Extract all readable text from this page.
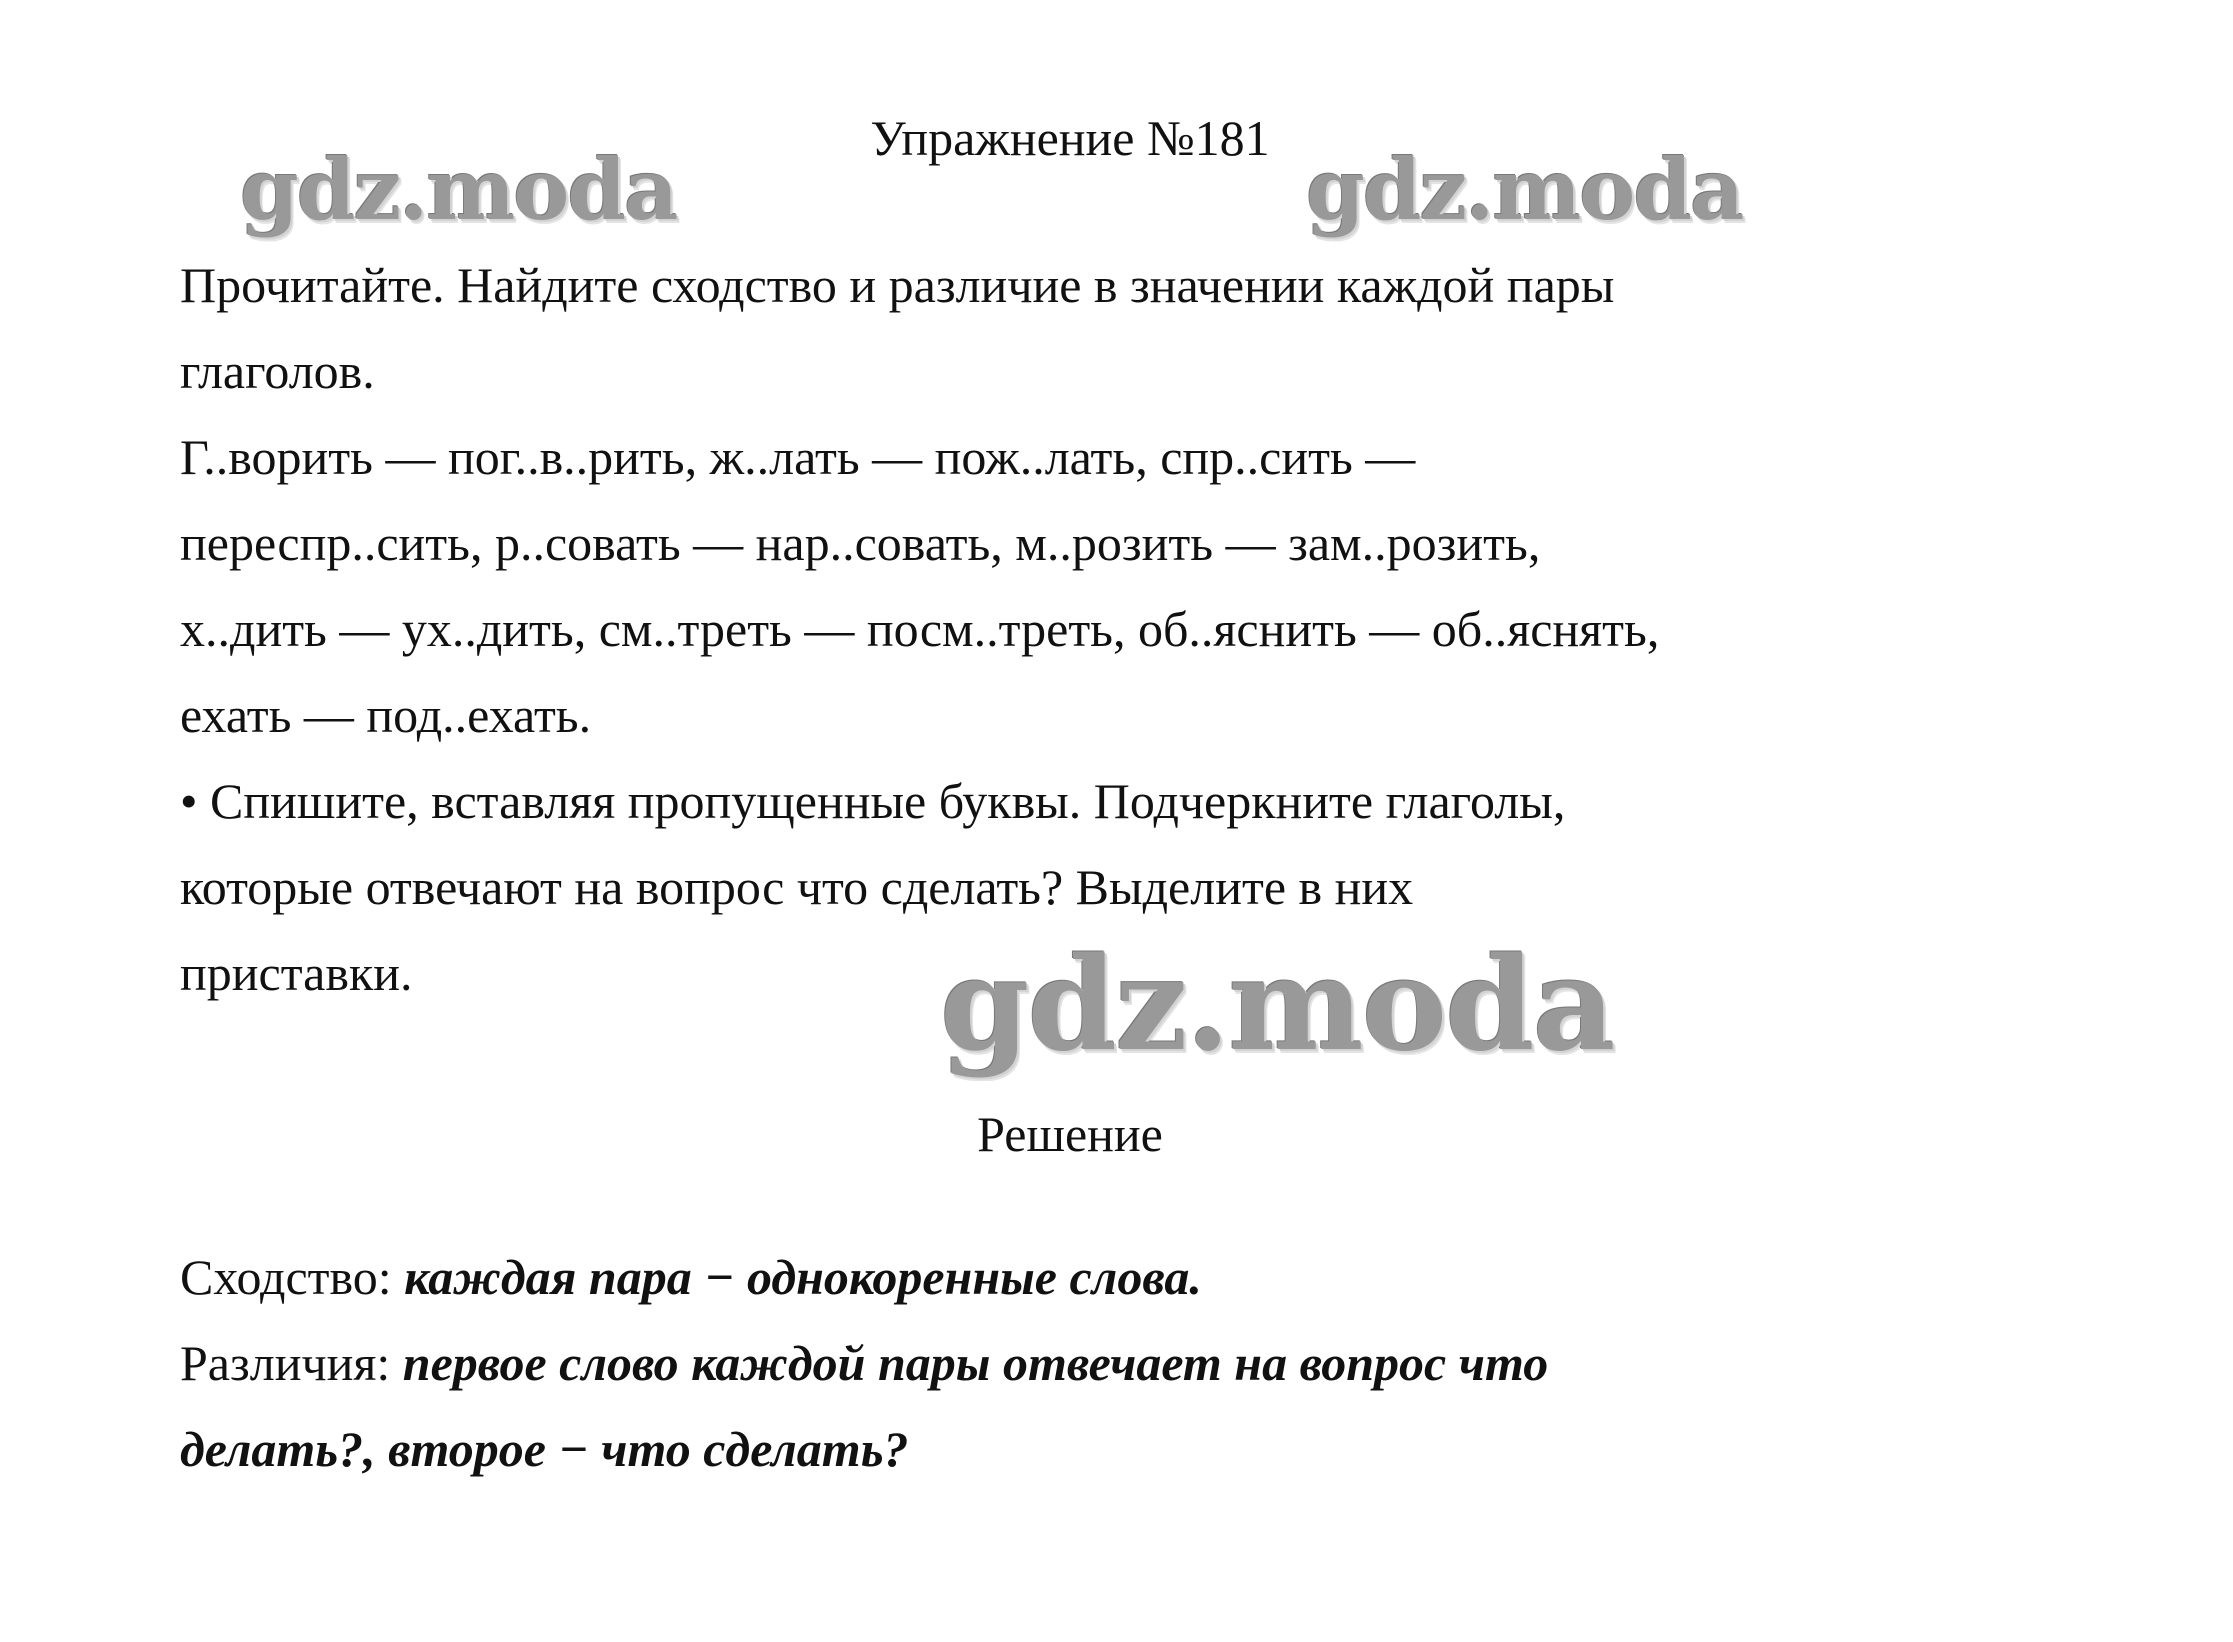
Упражнение №181
gdz.moda	gdz.moda

Прочитайте. Найдите сходство и различие в значении каждой пары

глаголов.

Г..ворить — пог..в..рить, ж..лать — пож..лать, спр..сить —

переспр..сить, р..совать — нар..совать, м..розить — зам..розить,

х..дить — ух..дить, см..треть — посм..треть, об..яснить — об..яснять,

ехать — под..ехать.

• Спишите, вставляя пропущенные буквы. Подчеркните глаголы,

которые отвечают на вопрос что сделать? Выделите в них

приставки.	gdz.moda
Решение

Сходство: каждая пара − однокоренные слова.

Различия: первое слово каждой пары отвечает на вопрос что

делать?, второе − что сделать?
